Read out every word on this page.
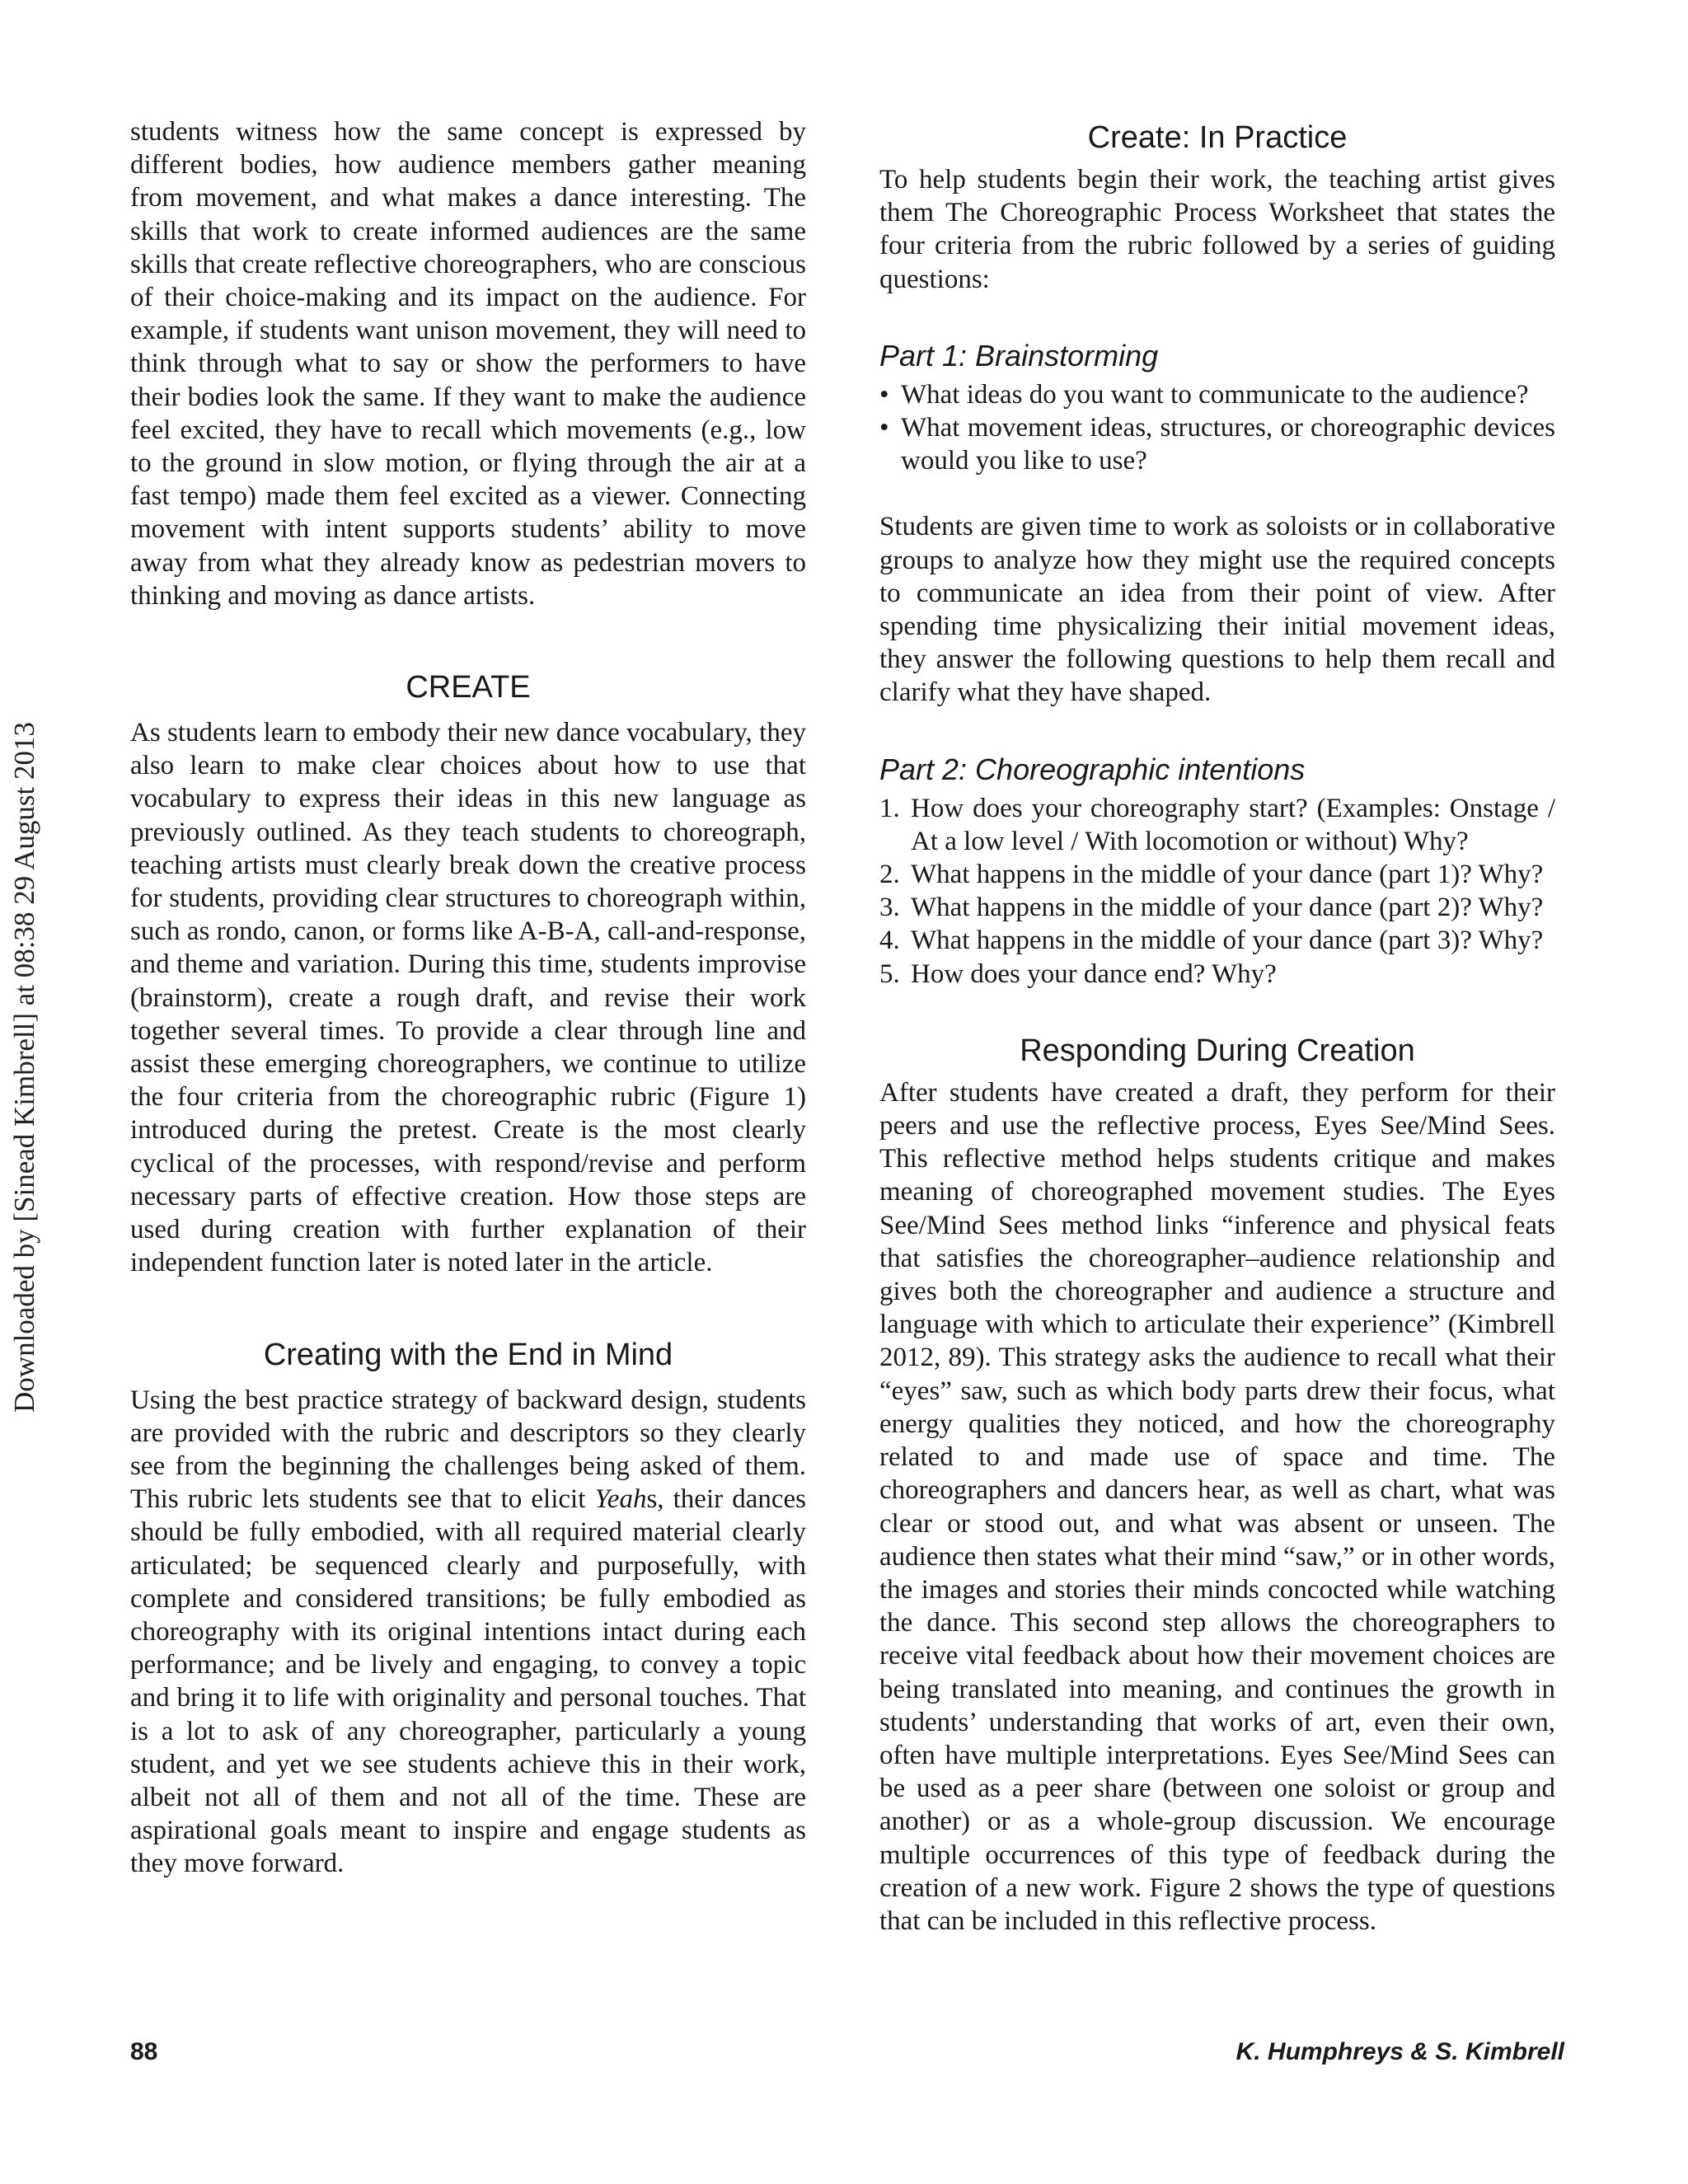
Downloaded by [Sinead Kimbrell] at 08:38 29 August 2013

students witness how the same concept is expressed by different bodies, how audience members gather meaning from movement, and what makes a dance interesting. The skills that work to create informed audiences are the same skills that create reflective choreographers, who are conscious of their choice-making and its impact on the audience. For example, if students want unison movement, they will need to think through what to say or show the performers to have their bodies look the same. If they want to make the audience feel excited, they have to recall which movements (e.g., low to the ground in slow motion, or flying through the air at a fast tempo) made them feel excited as a viewer. Connecting movement with intent supports students’ ability to move away from what they already know as pedestrian movers to thinking and moving as dance artists.

CREATE

As students learn to embody their new dance vocabulary, they also learn to make clear choices about how to use that vocabulary to express their ideas in this new language as previously outlined. As they teach students to choreograph, teaching artists must clearly break down the creative process for students, providing clear structures to choreograph within, such as rondo, canon, or forms like A-B-A, call-and-response, and theme and variation. During this time, students improvise (brainstorm), create a rough draft, and revise their work together several times. To provide a clear through line and assist these emerging choreographers, we continue to utilize the four criteria from the choreographic rubric (Figure 1) introduced during the pretest. Create is the most clearly cyclical of the processes, with respond/revise and perform necessary parts of effective creation. How those steps are used during creation with further explanation of their independent function later is noted later in the article.

Creating with the End in Mind

Using the best practice strategy of backward design, students are provided with the rubric and descriptors so they clearly see from the beginning the challenges being asked of them. This rubric lets students see that to elicit Yeahs, their dances should be fully embodied, with all required material clearly articulated; be sequenced clearly and purposefully, with complete and considered transitions; be fully embodied as choreography with its original intentions intact during each performance; and be lively and engaging, to convey a topic and bring it to life with originality and personal touches. That is a lot to ask of any choreographer, particularly a young student, and yet we see students achieve this in their work, albeit not all of them and not all of the time. These are aspirational goals meant to inspire and engage students as they move forward.

Create: In Practice

To help students begin their work, the teaching artist gives them The Choreographic Process Worksheet that states the four criteria from the rubric followed by a series of guiding questions:

Part 1: Brainstorming
• What ideas do you want to communicate to the audience?
• What movement ideas, structures, or choreographic devices would you like to use?

Students are given time to work as soloists or in collaborative groups to analyze how they might use the required concepts to communicate an idea from their point of view. After spending time physicalizing their initial movement ideas, they answer the following questions to help them recall and clarify what they have shaped.

Part 2: Choreographic intentions
1. How does your choreography start? (Examples: Onstage / At a low level / With locomotion or without) Why?
2. What happens in the middle of your dance (part 1)? Why?
3. What happens in the middle of your dance (part 2)? Why?
4. What happens in the middle of your dance (part 3)? Why?
5. How does your dance end? Why?
Responding During Creation

After students have created a draft, they perform for their peers and use the reflective process, Eyes See/Mind Sees. This reflective method helps students critique and makes meaning of choreographed movement studies. The Eyes See/Mind Sees method links “inference and physical feats that satisfies the choreographer–audience relationship and gives both the choreographer and audience a structure and language with which to articulate their experience” (Kimbrell 2012, 89). This strategy asks the audience to recall what their “eyes” saw, such as which body parts drew their focus, what energy qualities they noticed, and how the choreography related to and made use of space and time. The choreographers and dancers hear, as well as chart, what was clear or stood out, and what was absent or unseen. The audience then states what their mind “saw,” or in other words, the images and stories their minds concocted while watching the dance. This second step allows the choreographers to receive vital feedback about how their movement choices are being translated into meaning, and continues the growth in students’ understanding that works of art, even their own, often have multiple interpretations. Eyes See/Mind Sees can be used as a peer share (between one soloist or group and another) or as a whole-group discussion. We encourage multiple occurrences of this type of feedback during the creation of a new work. Figure 2 shows the type of questions that can be included in this reflective process.

88	K. Humphreys & S. Kimbrell
